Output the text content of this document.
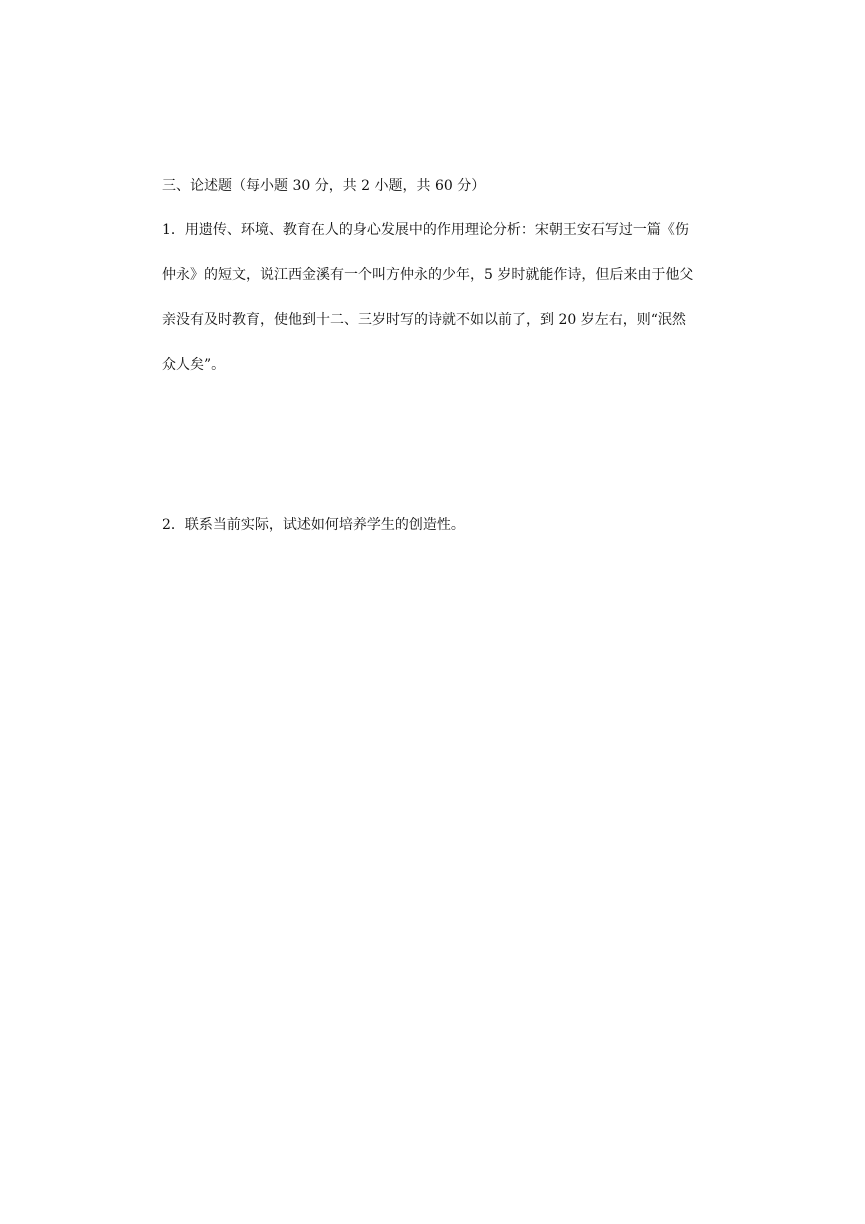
三、论述题（每小题 30 分，共 2 小题，共 60 分）
1．用遗传、环境、教育在人的身心发展中的作用理论分析：宋朝王安石写过一篇《伤
仲永》的短文，说江西金溪有一个叫方仲永的少年，5 岁时就能作诗，但后来由于他父
亲没有及时教育，使他到十二、三岁时写的诗就不如以前了，到 20 岁左右，则“泯然
众人矣”。
2．联系当前实际，试述如何培养学生的创造性。
